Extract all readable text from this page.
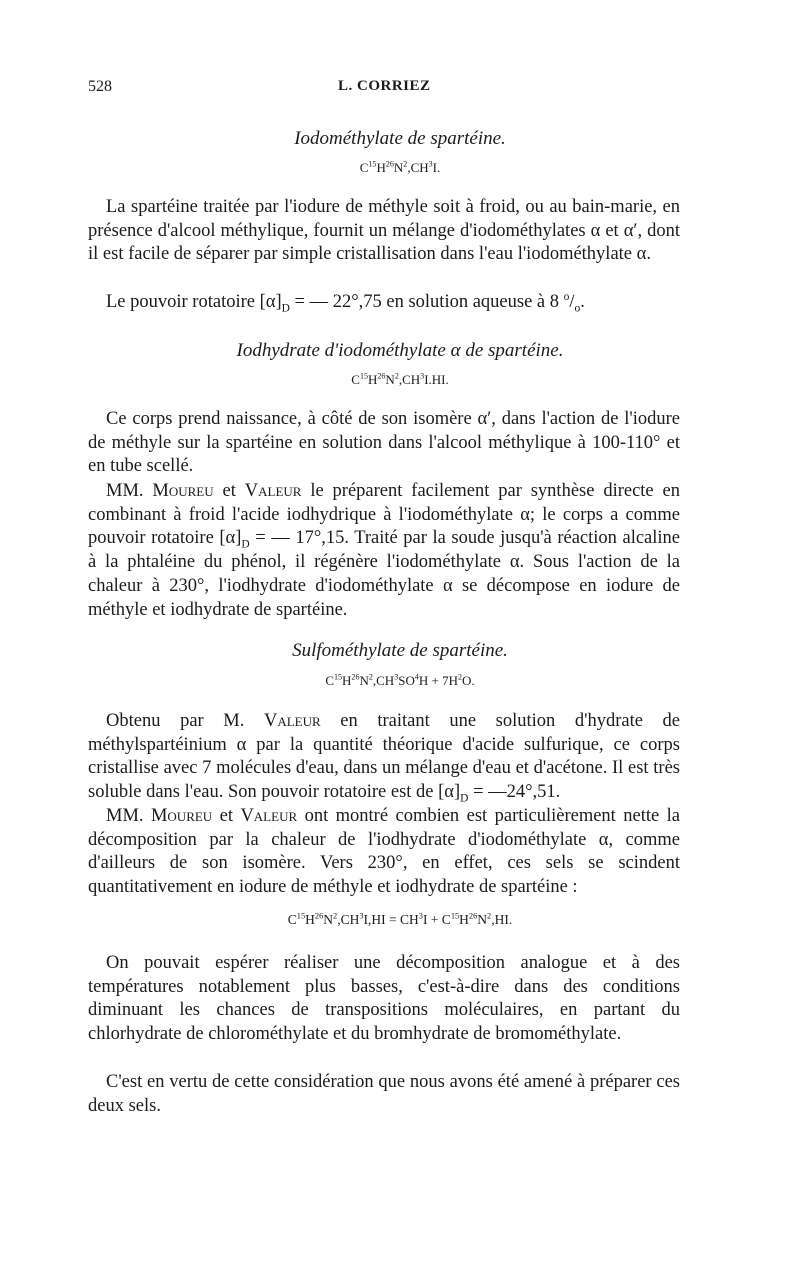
528	L. CORRIEZ
Iodométhylate de spartéine.
$C^{15}H^{26}N^2,CH^3I$.

La spartéine traitée par l'iodure de méthyle soit à froid, ou au bain-marie, en présence d'alcool méthylique, fournit un mélange d'iodométhylates α et α′, dont il est facile de séparer par simple cristallisation dans l'eau l'iodométhylate α.

Le pouvoir rotatoire $[\alpha]_D$ = — 22°,75 en solution aqueuse à 8 $^o/_o$.

Iodhydrate d'iodométhylate α de spartéine.
$C^{15}H^{26}N^2,CH^3I.HI$.

Ce corps prend naissance, à côté de son isomère α′, dans l'action de l'iodure de méthyle sur la spartéine en solution dans l'alcool méthylique à 100-110° et en tube scellé.

MM. Moureu et Valeur le préparent facilement par synthèse directe en combinant à froid l'acide iodhydrique à l'iodométhylate α; le corps a comme pouvoir rotatoire $[\alpha]_D$ = — 17°,15. Traité par la soude jusqu'à réaction alcaline à la phtaléine du phénol, il régénère l'iodométhylate α. Sous l'action de la chaleur à 230°, l'iodhydrate d'iodométhylate α se décompose en iodure de méthyle et iodhydrate de spartéine.

Sulfométhylate de spartéine.
$C^{15}H^{26}N^2,CH^3SO^4H + 7H^2O$.

Obtenu par M. Valeur en traitant une solution d'hydrate de méthylspartéinium α par la quantité théorique d'acide sulfurique, ce corps cristallise avec 7 molécules d'eau, dans un mélange d'eau et d'acétone. Il est très soluble dans l'eau. Son pouvoir rotatoire est de $[\alpha]_D$ = —24°,51.

MM. Moureu et Valeur ont montré combien est particulièrement nette la décomposition par la chaleur de l'iodhydrate d'iodométhylate α, comme d'ailleurs de son isomère. Vers 230°, en effet, ces sels se scindent quantitativement en iodure de méthyle et iodhydrate de spartéine :

$C^{15}H^{26}N^2,CH^3I,HI = CH^3I + C^{15}H^{26}N^2,HI$.

On pouvait espérer réaliser une décomposition analogue et à des températures notablement plus basses, c'est-à-dire dans des conditions diminuant les chances de transpositions moléculaires, en partant du chlorhydrate de chlorométhylate et du bromhydrate de bromométhylate.

C'est en vertu de cette considération que nous avons été amené à préparer ces deux sels.
